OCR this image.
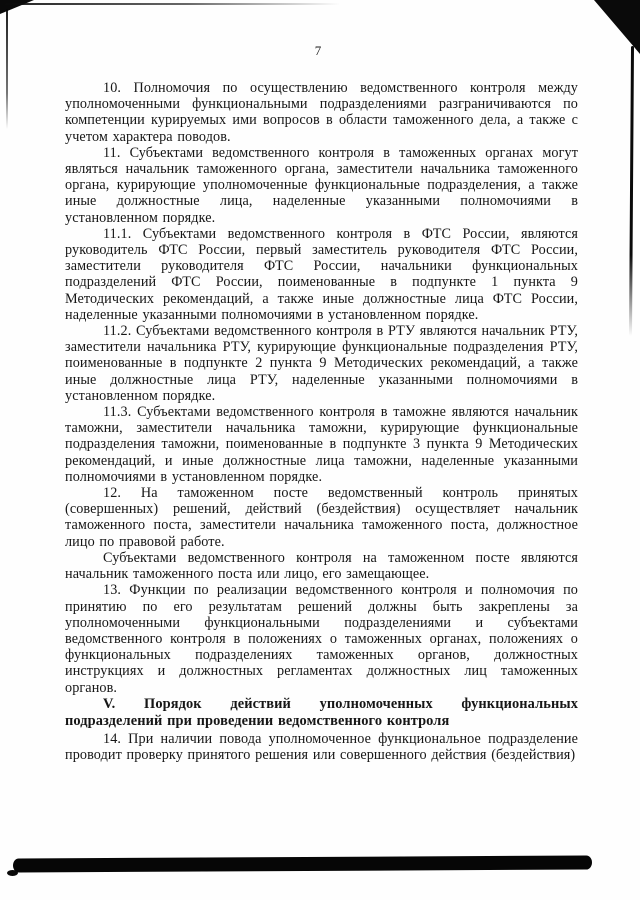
7

10. Полномочия по осуществлению ведомственного контроля между уполномоченными функциональными подразделениями разграничиваются по компетенции курируемых ими вопросов в области таможенного дела, а также с учетом характера поводов.

11. Субъектами ведомственного контроля в таможенных органах могут являться начальник таможенного органа, заместители начальника таможенного органа, курирующие уполномоченные функциональные подразделения, а также иные должностные лица, наделенные указанными полномочиями в установленном порядке.

11.1. Субъектами ведомственного контроля в ФТС России, являются руководитель ФТС России, первый заместитель руководителя ФТС России, заместители руководителя ФТС России, начальники функциональных подразделений ФТС России, поименованные в подпункте 1 пункта 9 Методических рекомендаций, а также иные должностные лица ФТС России, наделенные указанными полномочиями в установленном порядке.

11.2. Субъектами ведомственного контроля в РТУ являются начальник РТУ, заместители начальника РТУ, курирующие функциональные подразделения РТУ, поименованные в подпункте 2 пункта 9 Методических рекомендаций, а также иные должностные лица РТУ, наделенные указанными полномочиями в установленном порядке.

11.3. Субъектами ведомственного контроля в таможне являются начальник таможни, заместители начальника таможни, курирующие функциональные подразделения таможни, поименованные в подпункте 3 пункта 9 Методических рекомендаций, и иные должностные лица таможни, наделенные указанными полномочиями в установленном порядке.

12. На таможенном посте ведомственный контроль принятых (совершенных) решений, действий (бездействия) осуществляет начальник таможенного поста, заместители начальника таможенного поста, должностное лицо по правовой работе.

Субъектами ведомственного контроля на таможенном посте являются начальник таможенного поста или лицо, его замещающее.

13. Функции по реализации ведомственного контроля и полномочия по принятию по его результатам решений должны быть закреплены за уполномоченными функциональными подразделениями и субъектами ведомственного контроля в положениях о таможенных органах, положениях о функциональных подразделениях таможенных органов, должностных инструкциях и должностных регламентах должностных лиц таможенных органов.

V. Порядок действий уполномоченных функциональных подразделений при проведении ведомственного контроля

14. При наличии повода уполномоченное функциональное подразделение проводит проверку принятого решения или совершенного действия (бездействия)
